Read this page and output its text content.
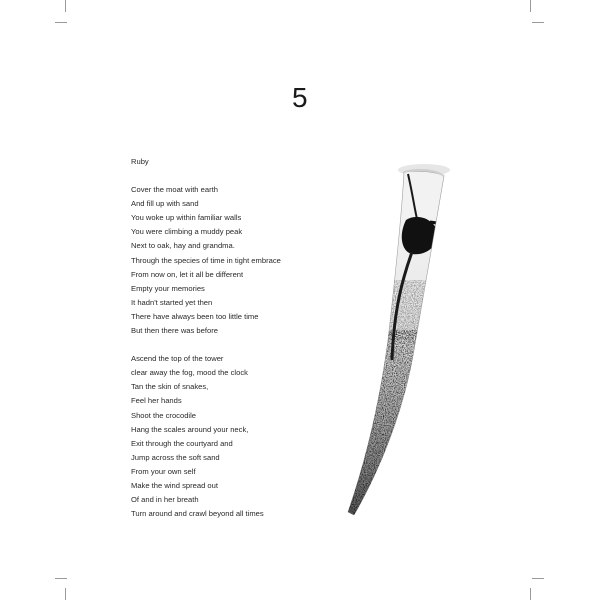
5
Ruby
Cover the moat with earth
And fill up with sand
You woke up within familiar walls
You were climbing a muddy peak
Next to oak, hay and grandma.
Through the species of time in tight embrace
From now on, let it all be different
Empty your memories
It hadn't started yet then
There have always been too little time
But then there was before
Ascend the top of the tower
clear away the fog, mood the clock
Tan the skin of snakes,
Feel her hands
Shoot the crocodile
Hang the scales around your neck,
Exit through the courtyard and
Jump across the soft sand
From your own self
Make the wind spread out
Of and in her breath
Turn around and crawl beyond all times
